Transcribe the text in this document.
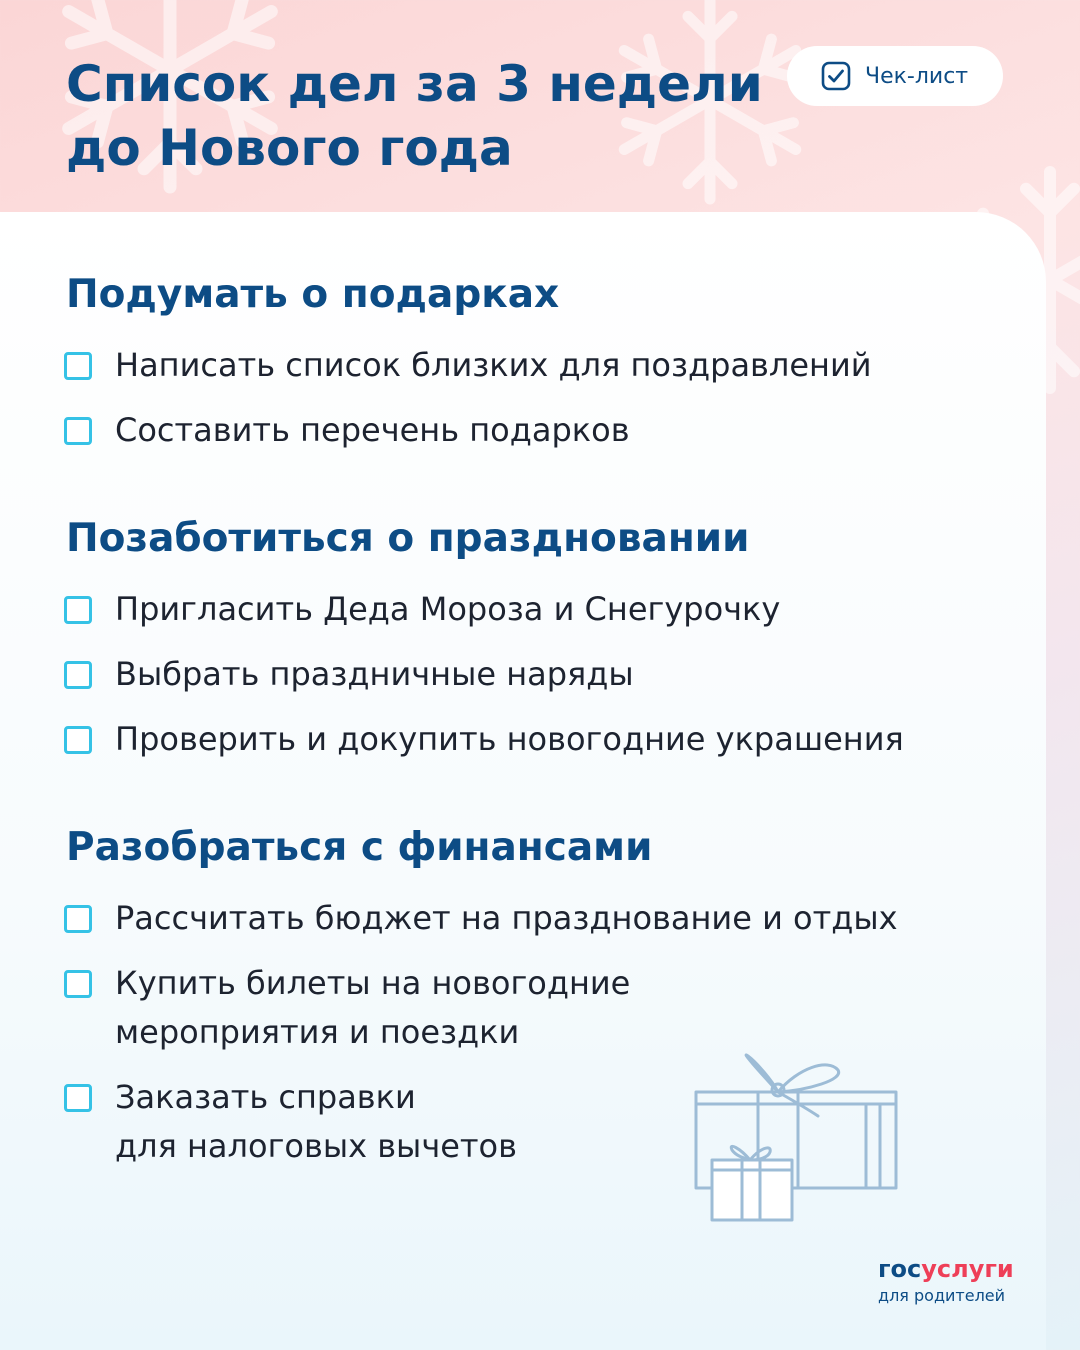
Список дел за 3 недели
до Нового года
Чек-лист
Подумать о подарках
Написать список близких для поздравлений
Составить перечень подарков
Позаботиться о праздновании
Пригласить Деда Мороза и Снегурочку
Выбрать праздничные наряды
Проверить и докупить новогодние украшения
Разобраться с финансами
Рассчитать бюджет на празднование и отдых
Купить билеты на новогодние
мероприятия и поездки
Заказать справки
для налоговых вычетов
госуслуги
для родителей
